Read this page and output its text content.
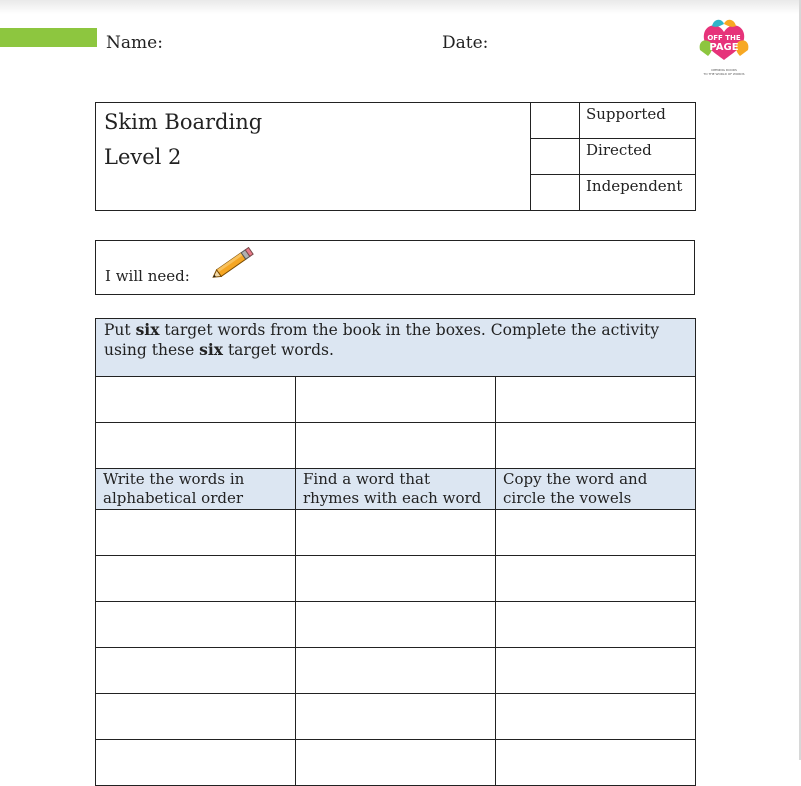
Name:	Date:	OFF THE
PAGE
OPENING DOORS
TO THE WORLD OF WORDS
Skim Boarding
Level 2		Supported
		Directed
		Independent
I will need:
Put six target words from the book in the boxes. Complete the activity using these six target words.		

Write the words in alphabetical order	Find a word that rhymes with each word	Copy the word and circle the vowels
